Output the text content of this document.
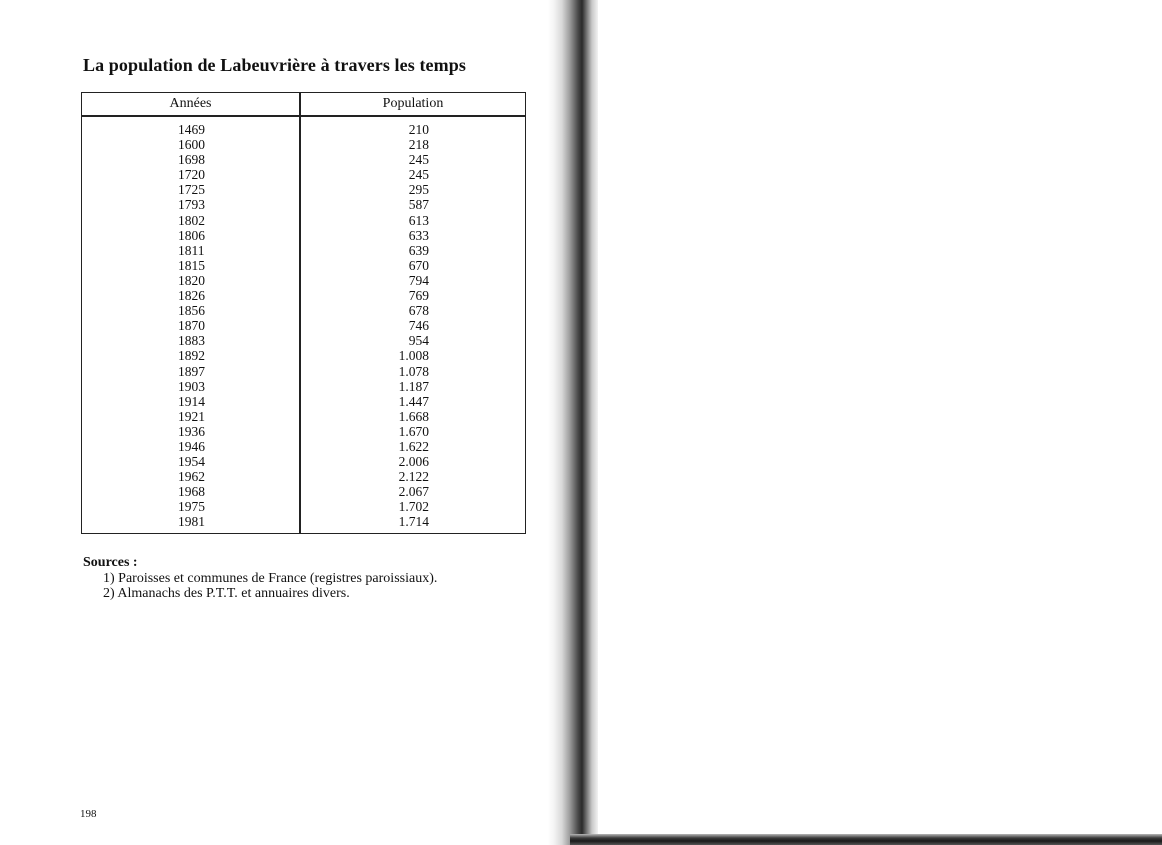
La population de Labeuvrière à travers les temps
Années	Population
1469	210
1600	218
1698	245
1720	245
1725	295
1793	587
1802	613
1806	633
1811	639
1815	670
1820	794
1826	769
1856	678
1870	746
1883	954
1892	1.008
1897	1.078
1903	1.187
1914	1.447
1921	1.668
1936	1.670
1946	1.622
1954	2.006
1962	2.122
1968	2.067
1975	1.702
1981	1.714
Sources :
1) Paroisses et communes de France (registres paroissiaux).
2) Almanachs des P.T.T. et annuaires divers.
198
